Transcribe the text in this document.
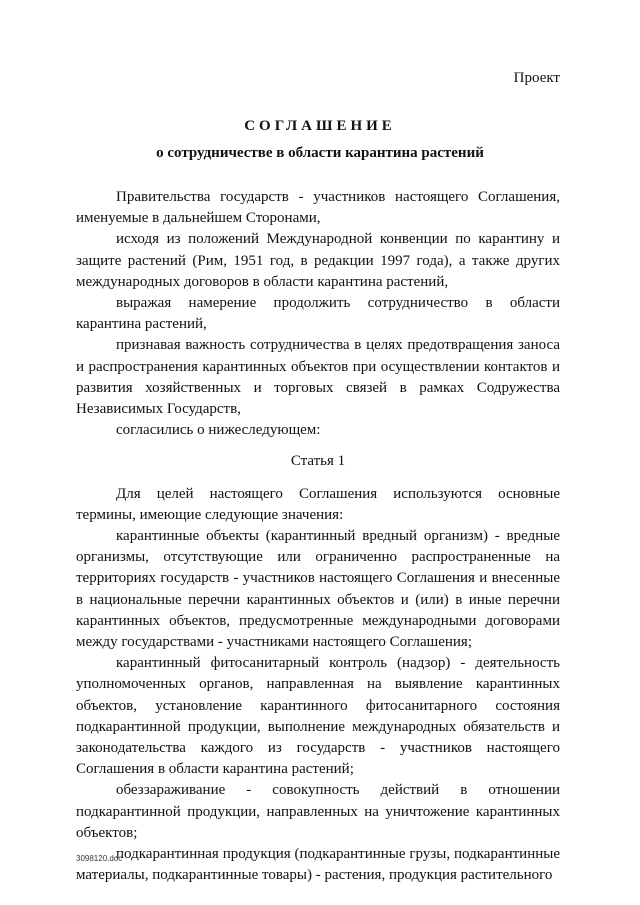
Проект
СОГЛАШЕНИЕ
о сотрудничестве в области карантина растений

Правительства государств - участников настоящего Соглашения, именуемые в дальнейшем Сторонами,

исходя из положений Международной конвенции по карантину и защите растений (Рим, 1951 год, в редакции 1997 года), а также других международных договоров в области карантина растений,

выражая намерение продолжить сотрудничество в области карантина растений,

признавая важность сотрудничества в целях предотвращения заноса и распространения карантинных объектов при осуществлении контактов и развития хозяйственных и торговых связей в рамках Содружества Независимых Государств,

согласились о нижеследующем:

Статья 1

Для целей настоящего Соглашения используются основные термины, имеющие следующие значения:

карантинные объекты (карантинный вредный организм) - вредные организмы, отсутствующие или ограниченно распространенные на территориях государств - участников настоящего Соглашения и внесенные в национальные перечни карантинных объектов и (или) в иные перечни карантинных объектов, предусмотренные международными договорами между государствами - участниками настоящего Соглашения;

карантинный фитосанитарный контроль (надзор) - деятельность уполномоченных органов, направленная на выявление карантинных объектов, установление карантинного фитосанитарного состояния подкарантинной продукции, выполнение международных обязательств и законодательства каждого из государств - участников настоящего Соглашения в области карантина растений;

обеззараживание - совокупность действий в отношении подкарантинной продукции, направленных на уничтожение карантинных объектов;

подкарантинная продукция (подкарантинные грузы, подкарантинные материалы, подкарантинные товары) - растения, продукция растительного

3098120.doc
